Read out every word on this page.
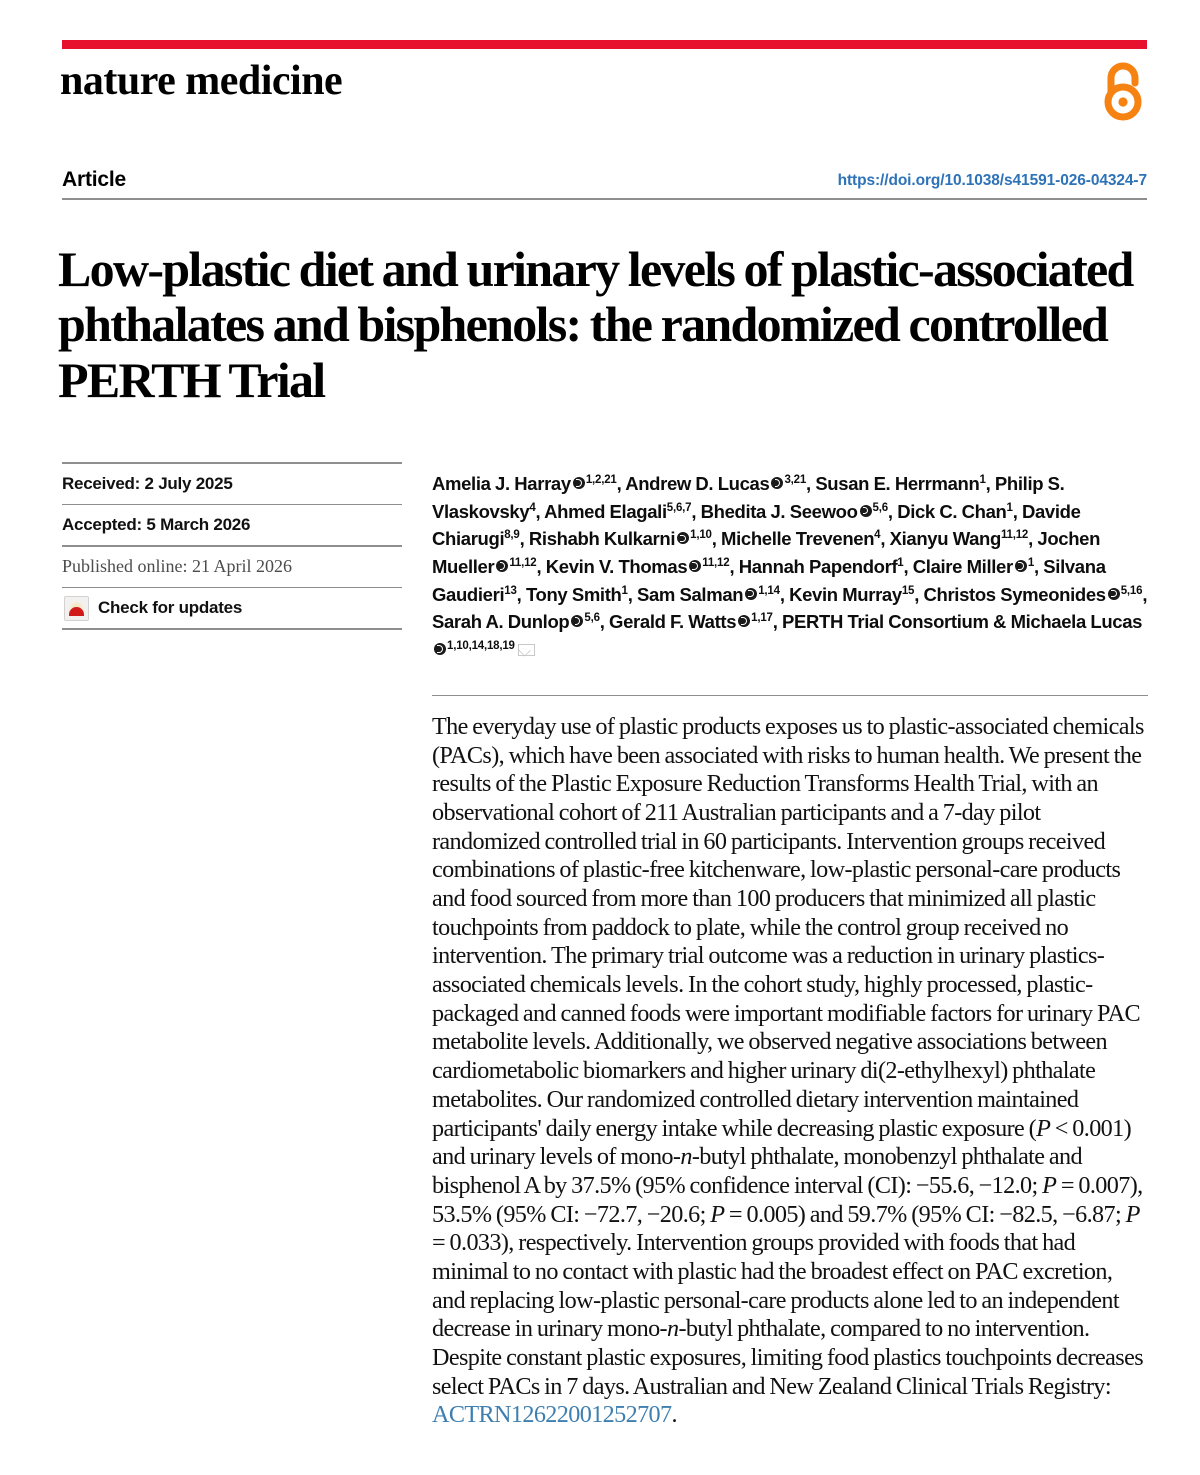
nature medicine
Article	https://doi.org/10.1038/s41591-026-04324-7
Low-plastic diet and urinary levels of plastic-associated phthalates and bisphenols: the randomized controlled PERTH Trial
Received: 2 July 2025
Accepted: 5 March 2026
Published online: 21 April 2026
Check for updates
Amelia J. Harray $^{1,2,21}$, Andrew D. Lucas $^{3,21}$, Susan E. Herrmann$^1$, Philip S. Vlaskovsky$^4$, Ahmed Elagali$^{5,6,7}$, Bhedita J. Seewoo $^{5,6}$, Dick C. Chan$^1$, Davide Chiarugi$^{8,9}$, Rishabh Kulkarni $^{1,10}$, Michelle Trevenen$^4$, Xianyu Wang$^{11,12}$, Jochen Mueller $^{11,12}$, Kevin V. Thomas $^{11,12}$, Hannah Papendorf$^1$, Claire Miller $^1$, Silvana Gaudieri$^{13}$, Tony Smith$^1$, Sam Salman $^{1,14}$, Kevin Murray$^{15}$, Christos Symeonides $^{5,16}$, Sarah A. Dunlop $^{5,6}$, Gerald F. Watts $^{1,17}$, PERTH Trial Consortium & Michaela Lucas$^{1,10,14,18,19}$
The everyday use of plastic products exposes us to plastic-associated chemicals (PACs), which have been associated with risks to human health. We present the results of the Plastic Exposure Reduction Transforms Health Trial, with an observational cohort of 211 Australian participants and a 7-day pilot randomized controlled trial in 60 participants. Intervention groups received combinations of plastic-free kitchenware, low-plastic personal-care products and food sourced from more than 100 producers that minimized all plastic touchpoints from paddock to plate, while the control group received no intervention. The primary trial outcome was a reduction in urinary plastics-associated chemicals levels. In the cohort study, highly processed, plastic-packaged and canned foods were important modifiable factors for urinary PAC metabolite levels. Additionally, we observed negative associations between cardiometabolic biomarkers and higher urinary di(2-ethylhexyl) phthalate metabolites. Our randomized controlled dietary intervention maintained participants' daily energy intake while decreasing plastic exposure (P < 0.001) and urinary levels of mono-n-butyl phthalate, monobenzyl phthalate and bisphenol A by 37.5% (95% confidence interval (CI): −55.6, −12.0; P = 0.007), 53.5% (95% CI: −72.7, −20.6; P = 0.005) and 59.7% (95% CI: −82.5, −6.87; P = 0.033), respectively. Intervention groups provided with foods that had minimal to no contact with plastic had the broadest effect on PAC excretion, and replacing low-plastic personal-care products alone led to an independent decrease in urinary mono-n-butyl phthalate, compared to no intervention. Despite constant plastic exposures, limiting food plastics touchpoints decreases select PACs in 7 days. Australian and New Zealand Clinical Trials Registry: ACTRN12622001252707.
